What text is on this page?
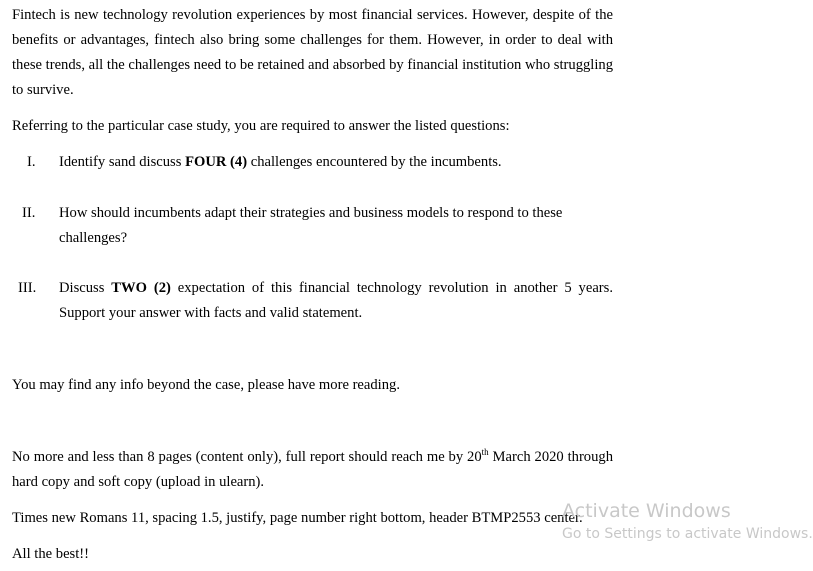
Fintech is new technology revolution experiences by most financial services. However, despite of the

benefits or advantages, fintech also bring some challenges for them. However, in order to deal with

these trends, all the challenges need to be retained and absorbed by financial institution who struggling

to survive.

Referring to the particular case study, you are required to answer the listed questions:

I.	Identify sand discuss FOUR (4) challenges encountered by the incumbents.

II.	How should incumbents adapt their strategies and business models to respond to these

challenges?

III.	Discuss TWO (2) expectation of this financial technology revolution in another 5 years.

Support your answer with facts and valid statement.

You may find any info beyond the case, please have more reading.

No more and less than 8 pages (content only), full report should reach me by 20th March 2020 through

hard copy and soft copy (upload in ulearn).

Times new Romans 11, spacing 1.5, justify, page number right bottom, header BTMP2553 center.

All the best!!

Activate Windows
Go to Settings to activate Windows.
